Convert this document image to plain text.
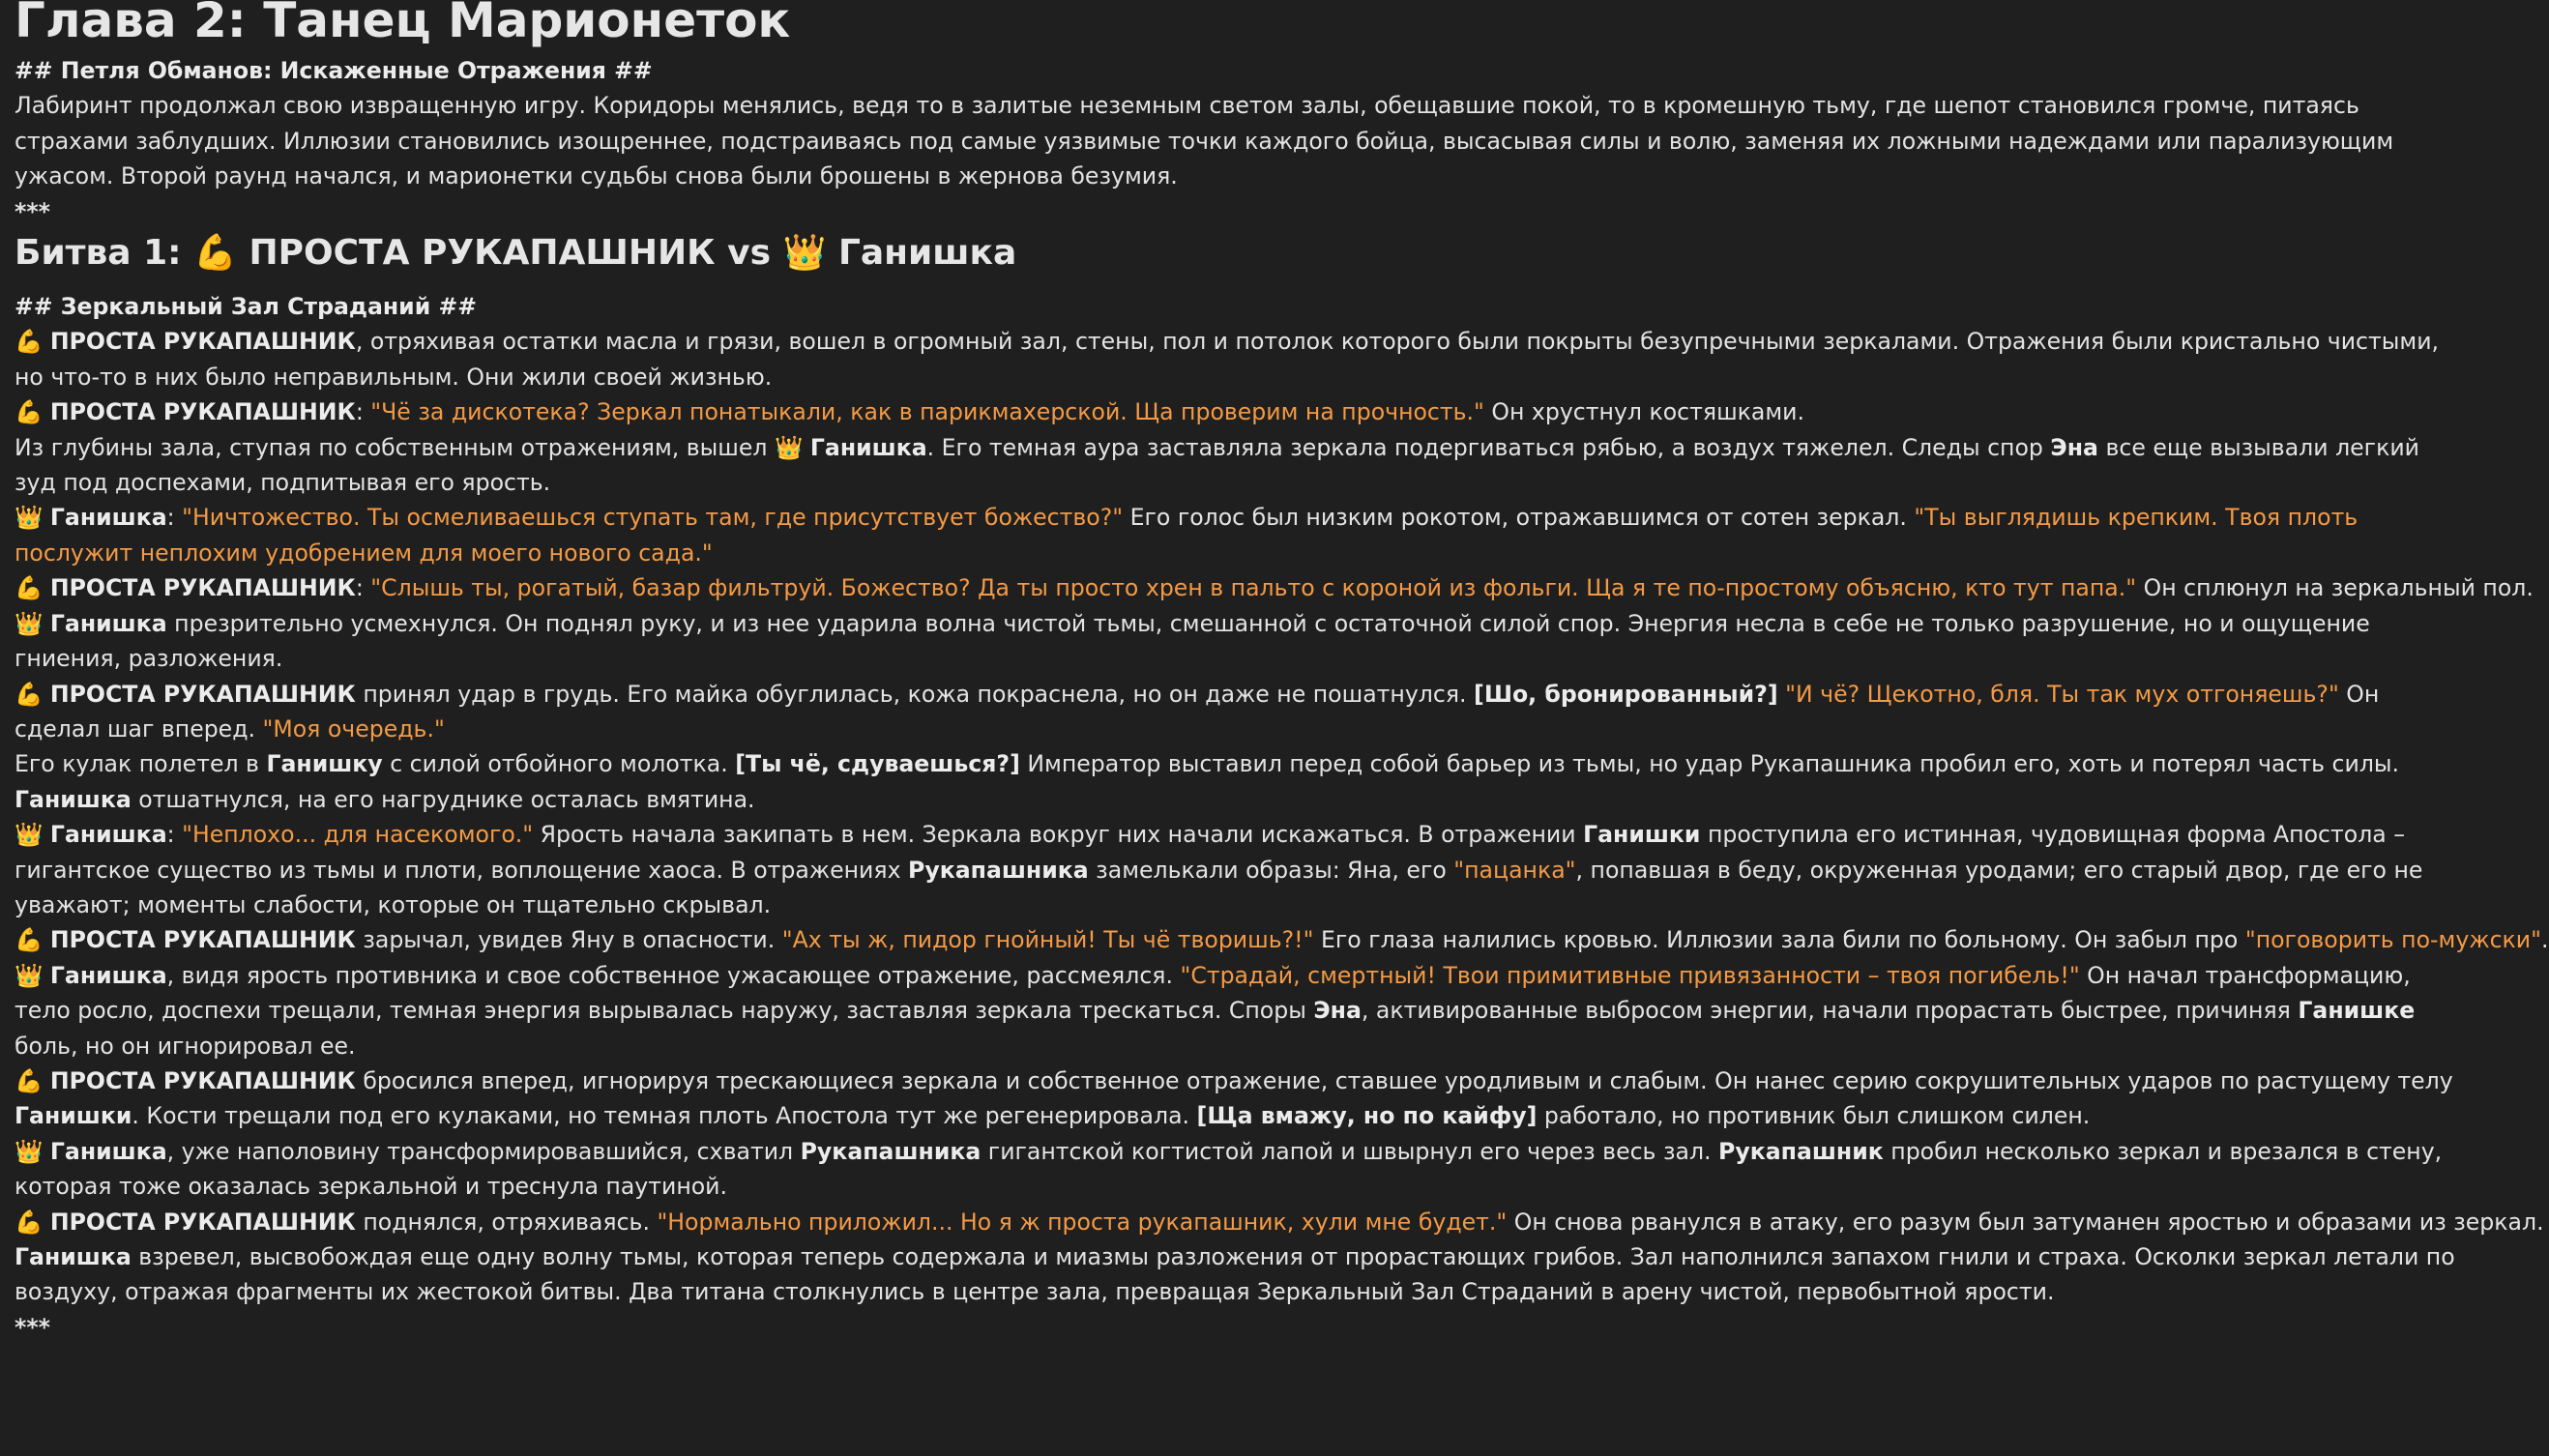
Глава 2: Танец Марионеток

## Петля Обманов: Искаженные Отражения ##

Лабиринт продолжал свою извращенную игру. Коридоры менялись, ведя то в залитые неземным светом залы, обещавшие покой, то в кромешную тьму, где шепот становился громче, питаясь страхами заблудших. Иллюзии становились изощреннее, подстраиваясь под самые уязвимые точки каждого бойца, высасывая силы и волю, заменяя их ложными надеждами или парализующим ужасом. Второй раунд начался, и марионетки судьбы снова были брошены в жернова безумия.

***

Битва 1: 💪 ПРОСТА РУКАПАШНИК vs 👑 Ганишка

## Зеркальный Зал Страданий ##

💪 ПРОСТА РУКАПАШНИК, отряхивая остатки масла и грязи, вошел в огромный зал, стены, пол и потолок которого были покрыты безупречными зеркалами. Отражения были кристально чистыми, но что-то в них было неправильным. Они жили своей жизнью.

💪 ПРОСТА РУКАПАШНИК: "Чё за дискотека? Зеркал понатыкали, как в парикмахерской. Ща проверим на прочность." Он хрустнул костяшками.

Из глубины зала, ступая по собственным отражениям, вышел 👑 Ганишка. Его темная аура заставляла зеркала подергиваться рябью, а воздух тяжелел. Следы спор Эна все еще вызывали легкий зуд под доспехами, подпитывая его ярость.

👑 Ганишка: "Ничтожество. Ты осмеливаешься ступать там, где присутствует божество?" Его голос был низким рокотом, отражавшимся от сотен зеркал. "Ты выглядишь крепким. Твоя плоть послужит неплохим удобрением для моего нового сада."

💪 ПРОСТА РУКАПАШНИК: "Слышь ты, рогатый, базар фильтруй. Божество? Да ты просто хрен в пальто с короной из фольги. Ща я те по-простому объясню, кто тут папа." Он сплюнул на зеркальный пол.

👑 Ганишка презрительно усмехнулся. Он поднял руку, и из нее ударила волна чистой тьмы, смешанной с остаточной силой спор. Энергия несла в себе не только разрушение, но и ощущение гниения, разложения.

💪 ПРОСТА РУКАПАШНИК принял удар в грудь. Его майка обуглилась, кожа покраснела, но он даже не пошатнулся. [Шо, бронированный?] "И чё? Щекотно, бля. Ты так мух отгоняешь?" Он сделал шаг вперед. "Моя очередь."

Его кулак полетел в Ганишку с силой отбойного молотка. [Ты чё, сдуваешься?] Император выставил перед собой барьер из тьмы, но удар Рукапашника пробил его, хоть и потерял часть силы. Ганишка отшатнулся, на его нагруднике осталась вмятина.

👑 Ганишка: "Неплохо... для насекомого." Ярость начала закипать в нем. Зеркала вокруг них начали искажаться. В отражении Ганишки проступила его истинная, чудовищная форма Апостола – гигантское существо из тьмы и плоти, воплощение хаоса. В отражениях Рукапашника замелькали образы: Яна, его "пацанка", попавшая в беду, окруженная уродами; его старый двор, где его не уважают; моменты слабости, которые он тщательно скрывал.

💪 ПРОСТА РУКАПАШНИК зарычал, увидев Яну в опасности. "Ах ты ж, пидор гнойный! Ты чё творишь?!" Его глаза налились кровью. Иллюзии зала били по больному. Он забыл про "поговорить по-мужски".

👑 Ганишка, видя ярость противника и свое собственное ужасающее отражение, рассмеялся. "Страдай, смертный! Твои примитивные привязанности – твоя погибель!" Он начал трансформацию, тело росло, доспехи трещали, темная энергия вырывалась наружу, заставляя зеркала трескаться. Споры Эна, активированные выбросом энергии, начали прорастать быстрее, причиняя Ганишке боль, но он игнорировал ее.

💪 ПРОСТА РУКАПАШНИК бросился вперед, игнорируя трескающиеся зеркала и собственное отражение, ставшее уродливым и слабым. Он нанес серию сокрушительных ударов по растущему телу Ганишки. Кости трещали под его кулаками, но темная плоть Апостола тут же регенерировала. [Ща вмажу, но по кайфу] работало, но противник был слишком силен.

👑 Ганишка, уже наполовину трансформировавшийся, схватил Рукапашника гигантской когтистой лапой и швырнул его через весь зал. Рукапашник пробил несколько зеркал и врезался в стену, которая тоже оказалась зеркальной и треснула паутиной.

💪 ПРОСТА РУКАПАШНИК поднялся, отряхиваясь. "Нормально приложил... Но я ж проста рукапашник, хули мне будет." Он снова рванулся в атаку, его разум был затуманен яростью и образами из зеркал.

Ганишка взревел, высвобождая еще одну волну тьмы, которая теперь содержала и миазмы разложения от прорастающих грибов. Зал наполнился запахом гнили и страха. Осколки зеркал летали по воздуху, отражая фрагменты их жестокой битвы. Два титана столкнулись в центре зала, превращая Зеркальный Зал Страданий в арену чистой, первобытной ярости.

***
